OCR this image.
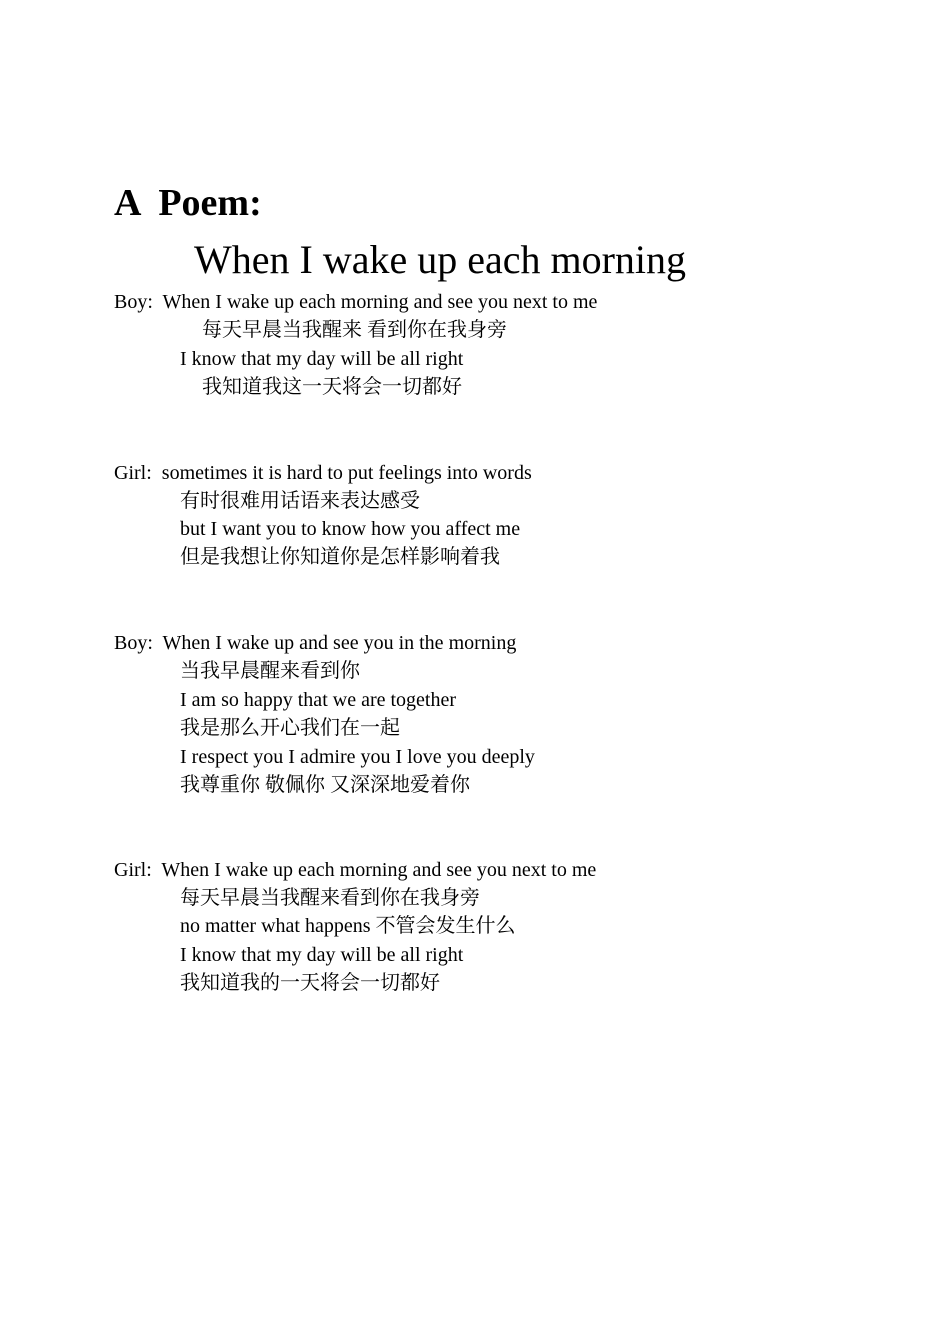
A  Poem:
When I wake up each morning
Boy: When I wake up each morning and see you next to me
每天早晨当我醒来 看到你在我身旁
I know that my day will be all right
我知道我这一天将会一切都好
Girl: sometimes it is hard to put feelings into words
有时很难用话语来表达感受
but I want you to know how you affect me
但是我想让你知道你是怎样影响着我
Boy: When I wake up and see you in the morning
当我早晨醒来看到你
I am so happy that we are together
我是那么开心我们在一起
I respect you I admire you I love you deeply
我尊重你 敬佩你 又深深地爱着你
Girl: When I wake up each morning and see you next to me
每天早晨当我醒来看到你在我身旁
no matter what happens 不管会发生什么
I know that my day will be all right
我知道我的一天将会一切都好
